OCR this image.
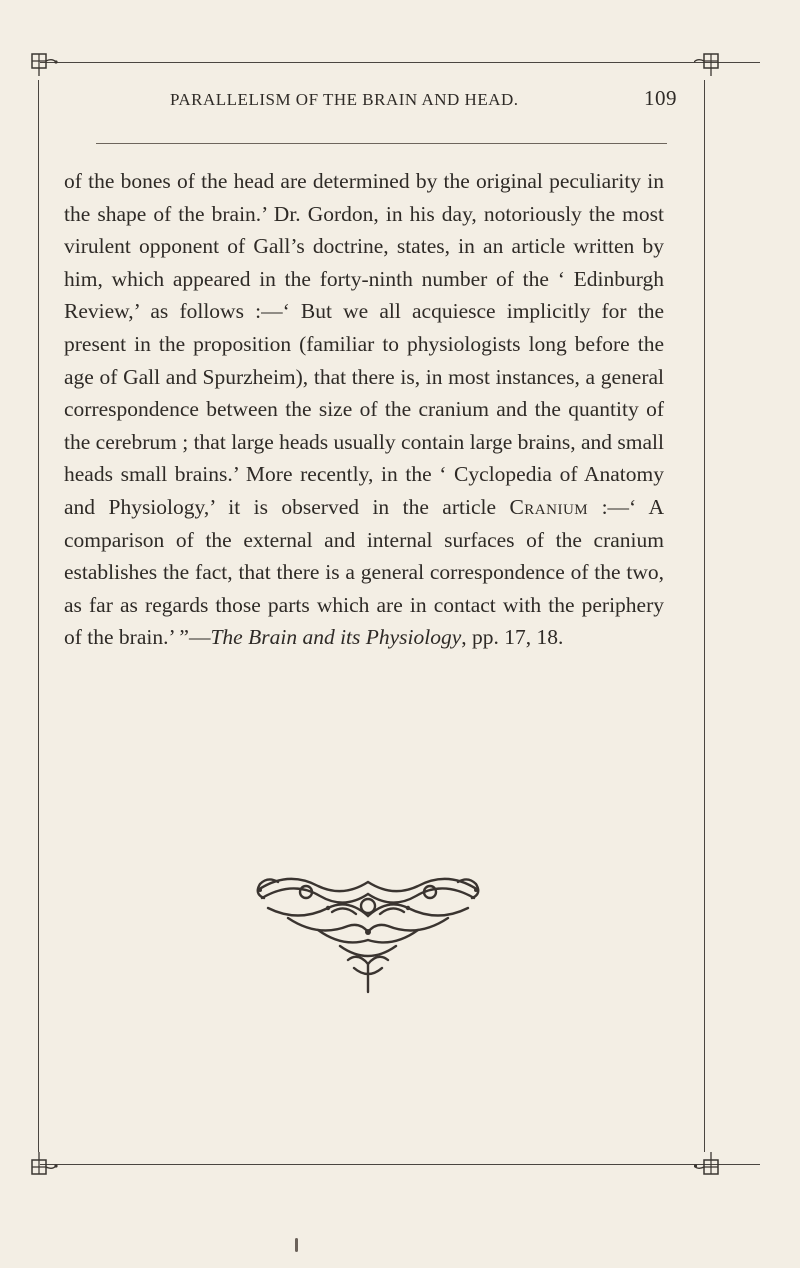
PARALLELISM OF THE BRAIN AND HEAD.	109

of the bones of the head are determined by the original peculiarity in the shape of the brain.’ Dr. Gordon, in his day, notoriously the most virulent opponent of Gall’s doctrine, states, in an article written by him, which appeared in the forty-ninth number of the ‘ Edinburgh Review,’ as follows :—‘ But we all acquiesce implicitly for the present in the proposition (familiar to physiologists long before the age of Gall and Spurzheim), that there is, in most instances, a general correspondence between the size of the cranium and the quantity of the cerebrum ; that large heads usually contain large brains, and small heads small brains.’ More recently, in the ‘ Cyclopedia of Anatomy and Physiology,’ it is observed in the article Cranium :—‘ A comparison of the external and internal surfaces of the cranium establishes the fact, that there is a general correspondence of the two, as far as regards those parts which are in contact with the periphery of the brain.’ ”—The Brain and its Physiology, pp. 17, 18.
